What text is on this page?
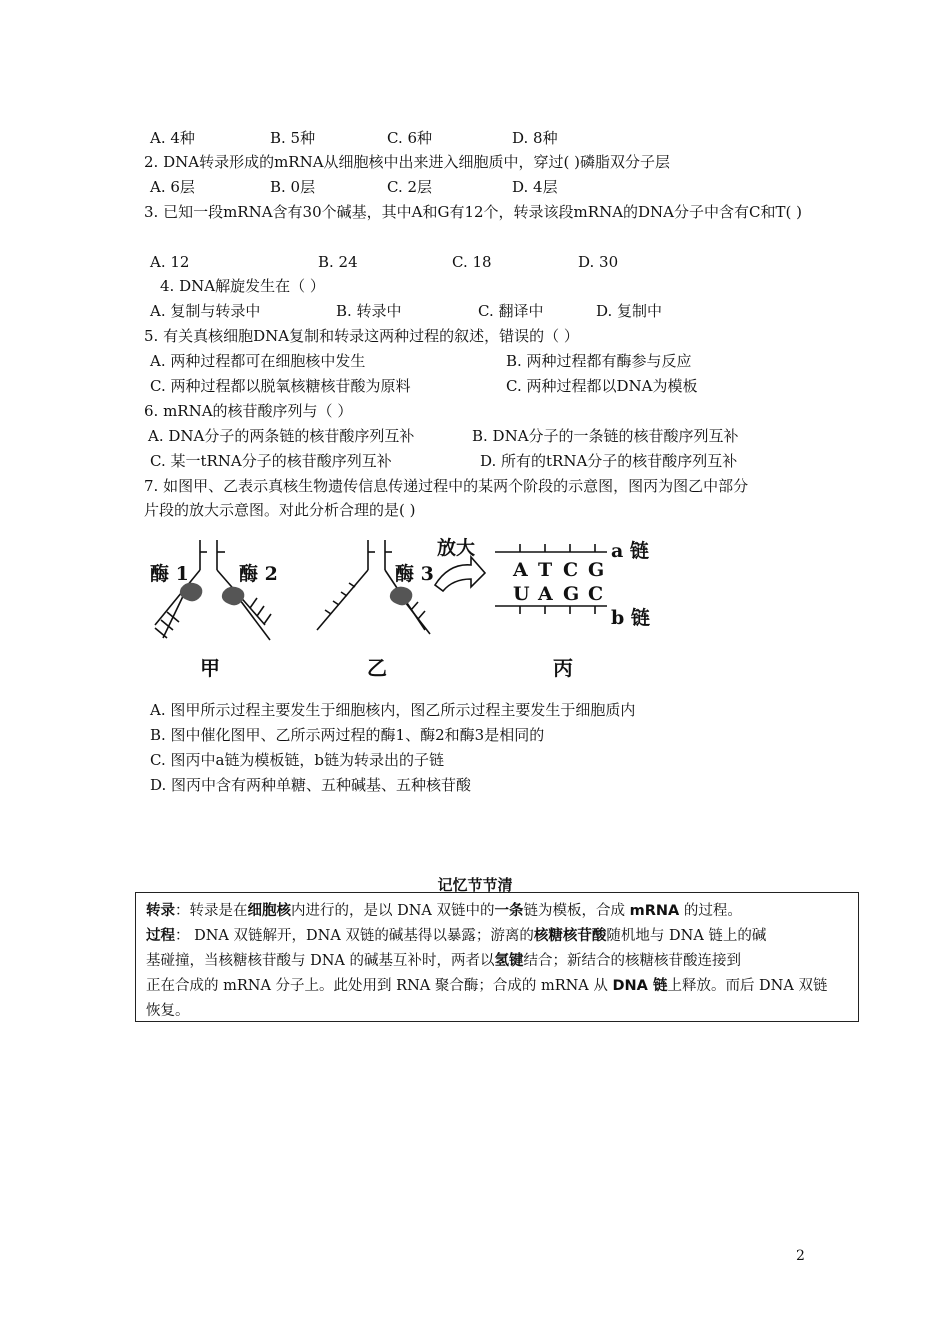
A. 4种	B. 5种	C. 6种	D. 8种
2. DNA转录形成的mRNA从细胞核中出来进入细胞质中，穿过( )磷脂双分子层
A. 6层	B. 0层	C. 2层	D. 4层
3. 已知一段mRNA含有30个碱基，其中A和G有12个，转录该段mRNA的DNA分子中含有C和T( )
A. 12	B. 24	C. 18	D. 30
4. DNA解旋发生在（ ）
A. 复制与转录中	B. 转录中	C. 翻译中	D. 复制中
5. 有关真核细胞DNA复制和转录这两种过程的叙述，错误的（ ）
A. 两种过程都可在细胞核中发生	B. 两种过程都有酶参与反应
C. 两种过程都以脱氧核糖核苷酸为原料	C. 两种过程都以DNA为模板
6. mRNA的核苷酸序列与（ ）
A. DNA分子的两条链的核苷酸序列互补	B. DNA分子的一条链的核苷酸序列互补
C. 某一tRNA分子的核苷酸序列互补	D. 所有的tRNA分子的核苷酸序列互补
7. 如图甲、乙表示真核生物遗传信息传递过程中的某两个阶段的示意图，图丙为图乙中部分
片段的放大示意图。对此分析合理的是( )
酶 1	酶 2	酶 3
放大	a 链
b 链
A T C G
U A G C
甲	乙	丙
A. 图甲所示过程主要发生于细胞核内，图乙所示过程主要发生于细胞质内
B. 图中催化图甲、乙所示两过程的酶1、酶2和酶3是相同的
C. 图丙中a链为模板链，b链为转录出的子链
D. 图丙中含有两种单糖、五种碱基、五种核苷酸
记忆节节清

转录：转录是在细胞核内进行的，是以 DNA 双链中的一条链为模板，合成 mRNA 的过程。

过程： DNA 双链解开，DNA 双链的碱基得以暴露；游离的核糖核苷酸随机地与 DNA 链上的碱

基碰撞，当核糖核苷酸与 DNA 的碱基互补时，两者以氢键结合；新结合的核糖核苷酸连接到

正在合成的 mRNA 分子上。此处用到 RNA 聚合酶；合成的 mRNA 从 DNA 链上释放。而后 DNA 双链

恢复。

2
